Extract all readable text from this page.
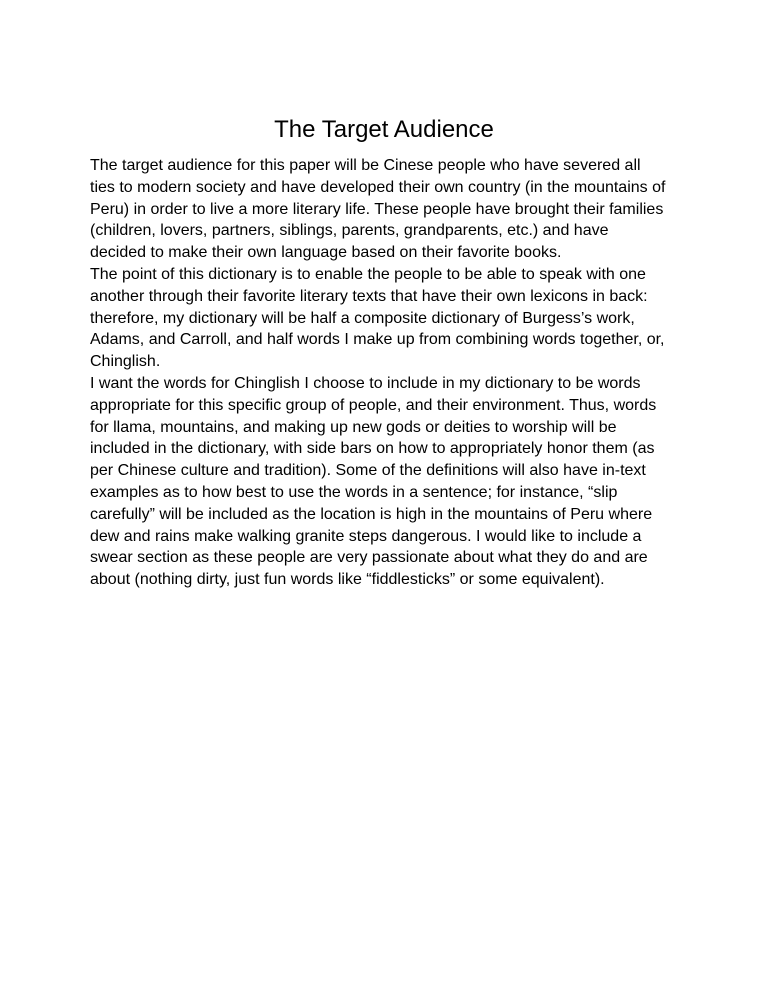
The Target Audience

The target audience for this paper will be Cinese people who have severed all
ties to modern society and have developed their own country (in the mountains of
Peru) in order to live a more literary life. These people have brought their families
(children, lovers, partners, siblings, parents, grandparents, etc.) and have
decided to make their own language based on their favorite books.

The point of this dictionary is to enable the people to be able to speak with one
another through their favorite literary texts that have their own lexicons in back:
therefore, my dictionary will be half a composite dictionary of Burgess’s work,
Adams, and Carroll, and half words I make up from combining words together, or,
Chinglish.

I want the words for Chinglish I choose to include in my dictionary to be words
appropriate for this specific group of people, and their environment. Thus, words
for llama, mountains, and making up new gods or deities to worship will be
included in the dictionary, with side bars on how to appropriately honor them (as
per Chinese culture and tradition). Some of the definitions will also have in-text
examples as to how best to use the words in a sentence; for instance, “slip
carefully” will be included as the location is high in the mountains of Peru where
dew and rains make walking granite steps dangerous. I would like to include a
swear section as these people are very passionate about what they do and are
about (nothing dirty, just fun words like “fiddlesticks” or some equivalent).
